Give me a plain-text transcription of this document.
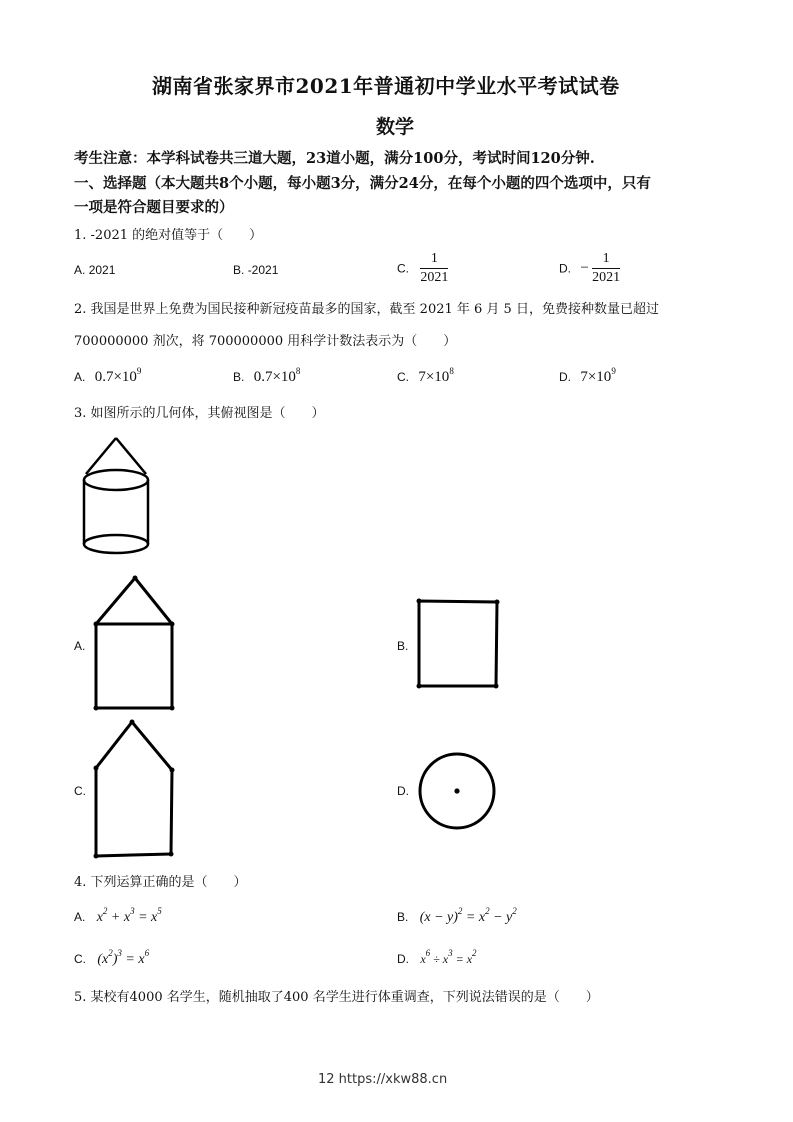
湖南省张家界市2021年普通初中学业水平考试试卷
数学
考生注意：本学科试卷共三道大题，23道小题，满分100分，考试时间120分钟.
一、选择题（本大题共8个小题，每小题3分，满分24分，在每个小题的四个选项中，只有
一项是符合题目要求的）
1. -2021 的绝对值等于（　　）
A. 2021	B. -2021	C. $\frac{1}{2021}$	D. − $\frac{1}{2021}$
2. 我国是世界上免费为国民接种新冠疫苗最多的国家，截至 2021 年 6 月 5 日，免费接种数量已超过
700000000 剂次，将 700000000 用科学计数法表示为（　　）
A. $0.7\times 10^9$	B. $0.7\times 10^8$	C. $7\times 10^8$	D. $7\times 10^9$
3. 如图所示的几何体，其俯视图是（　　）
A.	B.
C.	D.
4. 下列运算正确的是（　　）
A. $x^2 + x^3 = x^5$	B. $(x - y)^2 = x^2 - y^2$
C. $(x^2)^3 = x^6$	D. $x^6 \div x^3 = x^2$
5. 某校有4000 名学生，随机抽取了400 名学生进行体重调查，下列说法错误的是（　　）
12 https://xkw88.cn
